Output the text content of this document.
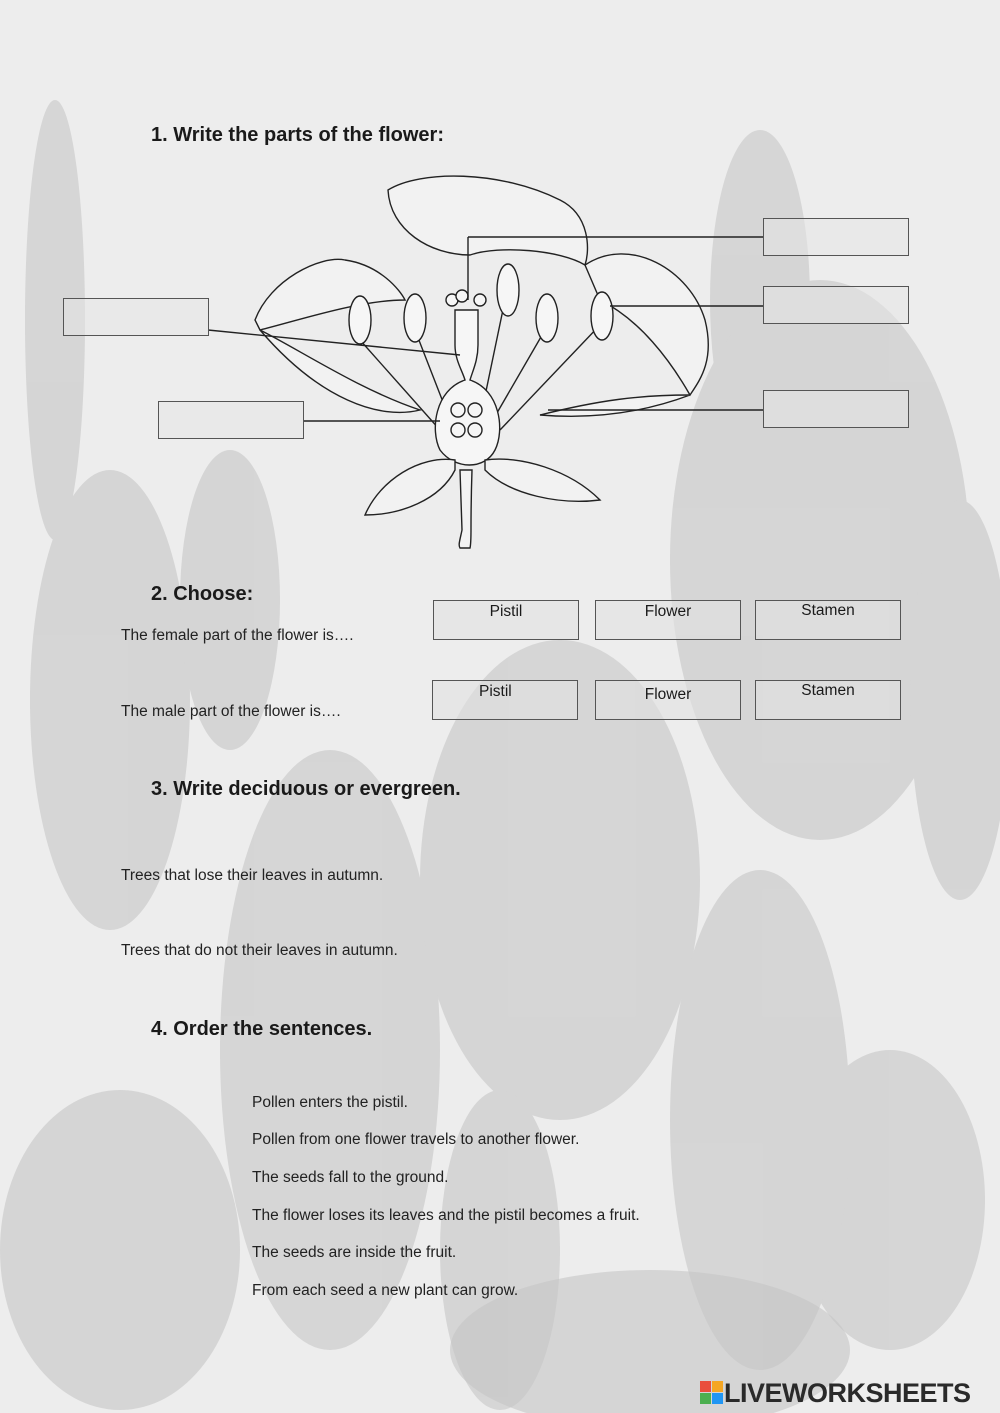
1. Write the parts of the flower:
2. Choose:
The female part of the flower is….
Pistil	Flower	Stamen
The male part of the flower is….
Pistil	Flower	Stamen
3. Write deciduous or evergreen.
Trees that lose their leaves in autumn.
Trees that do not their leaves in autumn.
4. Order the sentences.
Pollen enters the pistil.
Pollen from one flower travels to another flower.
The seeds fall to the ground.
The flower loses its leaves and the pistil becomes a fruit.
The seeds are inside the fruit.
From each seed a new plant can grow.
LIVEWORKSHEETS
